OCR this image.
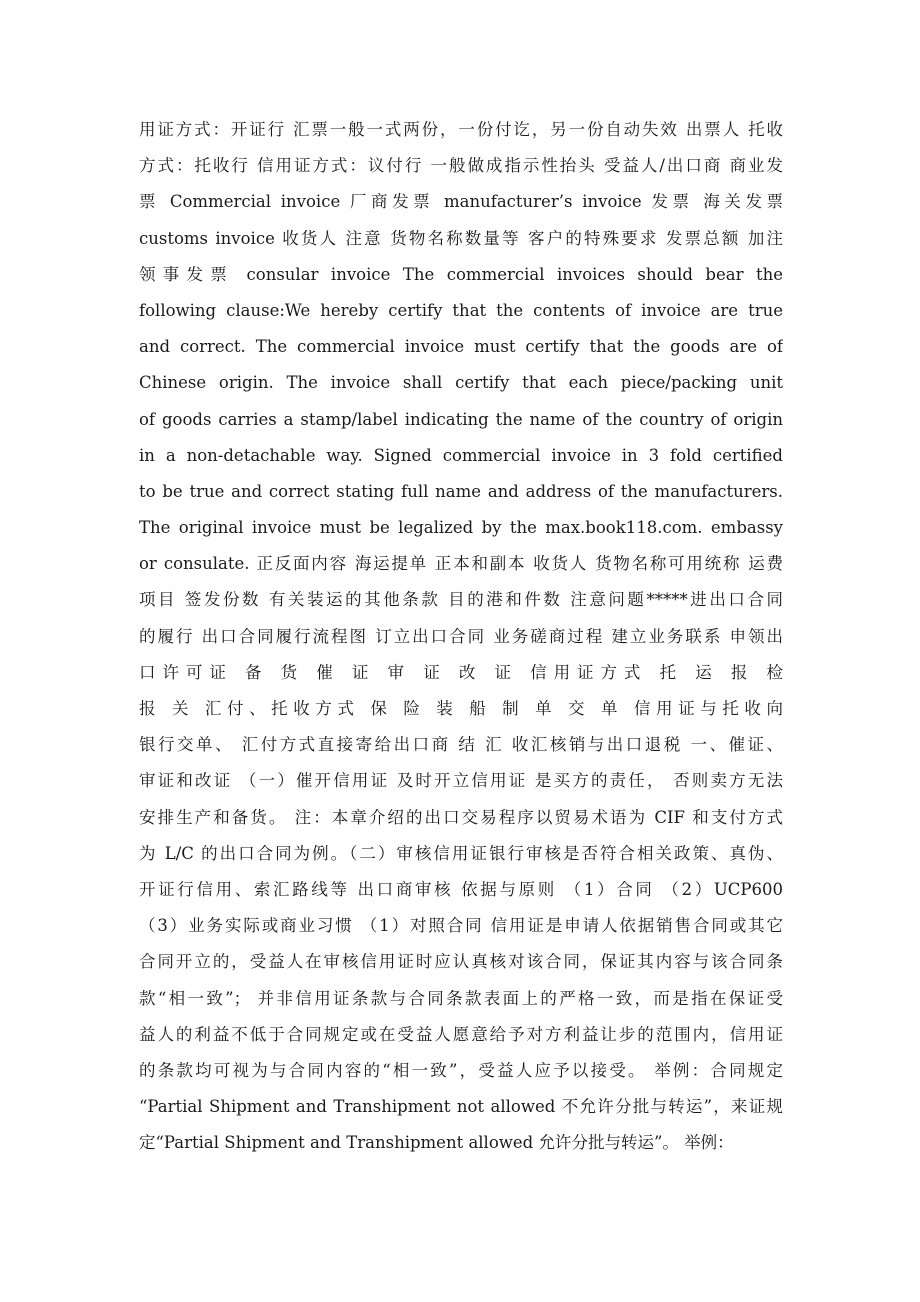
用证方式：开证行 汇票一般一式两份，一份付讫，另一份自动失效 出票人 托收
方式：托收行 信用证方式：议付行 一般做成指示性抬头 受益人/出口商 商业发
票 Commercial invoice 厂商发票 manufacturer’s invoice 发票 海关发票
customs invoice 收货人 注意 货物名称数量等 客户的特殊要求 发票总额 加注
领事发票 consular invoice The commercial invoices should bear the
following clause:We hereby certify that the contents of invoice are true
and correct. The commercial invoice must certify that the goods are of
Chinese origin. The invoice shall certify that each piece/packing unit
of goods carries a stamp/label indicating the name of the country of origin
in a non-detachable way. Signed commercial invoice in 3 fold certified
to be true and correct stating full name and address of the manufacturers.
The original invoice must be legalized by the max.book118.com. embassy
or consulate. 正反面内容 海运提单 正本和副本 收货人 货物名称可用统称 运费
项目 签发份数 有关装运的其他条款 目的港和件数 注意问题*****进出口合同
的履行 出口合同履行流程图 订立出口合同 业务磋商过程 建立业务联系 申领出
口许可证 备 货 催 证 审 证 改 证 信用证方式 托 运 报 检
报 关 汇付、托收方式 保 险 装 船 制 单 交 单 信用证与托收向
银行交单、 汇付方式直接寄给出口商 结 汇 收汇核销与出口退税 一、催证、
审证和改证 （一）催开信用证 及时开立信用证 是买方的责任， 否则卖方无法
安排生产和备货。 注：本章介绍的出口交易程序以贸易术语为 CIF 和支付方式
为 L/C 的出口合同为例。（二）审核信用证银行审核是否符合相关政策、真伪、
开证行信用、索汇路线等 出口商审核 依据与原则 （1）合同 （2）UCP600
（3）业务实际或商业习惯 （1）对照合同 信用证是申请人依据销售合同或其它
合同开立的，受益人在审核信用证时应认真核对该合同，保证其内容与该合同条
款“相一致”； 并非信用证条款与合同条款表面上的严格一致，而是指在保证受
益人的利益不低于合同规定或在受益人愿意给予对方利益让步的范围内，信用证
的条款均可视为与合同内容的“相一致”，受益人应予以接受。 举例：合同规定
“Partial Shipment and Transhipment not allowed 不允许分批与转运”，来证规
定“Partial Shipment and Transhipment allowed 允许分批与转运”。 举例：
